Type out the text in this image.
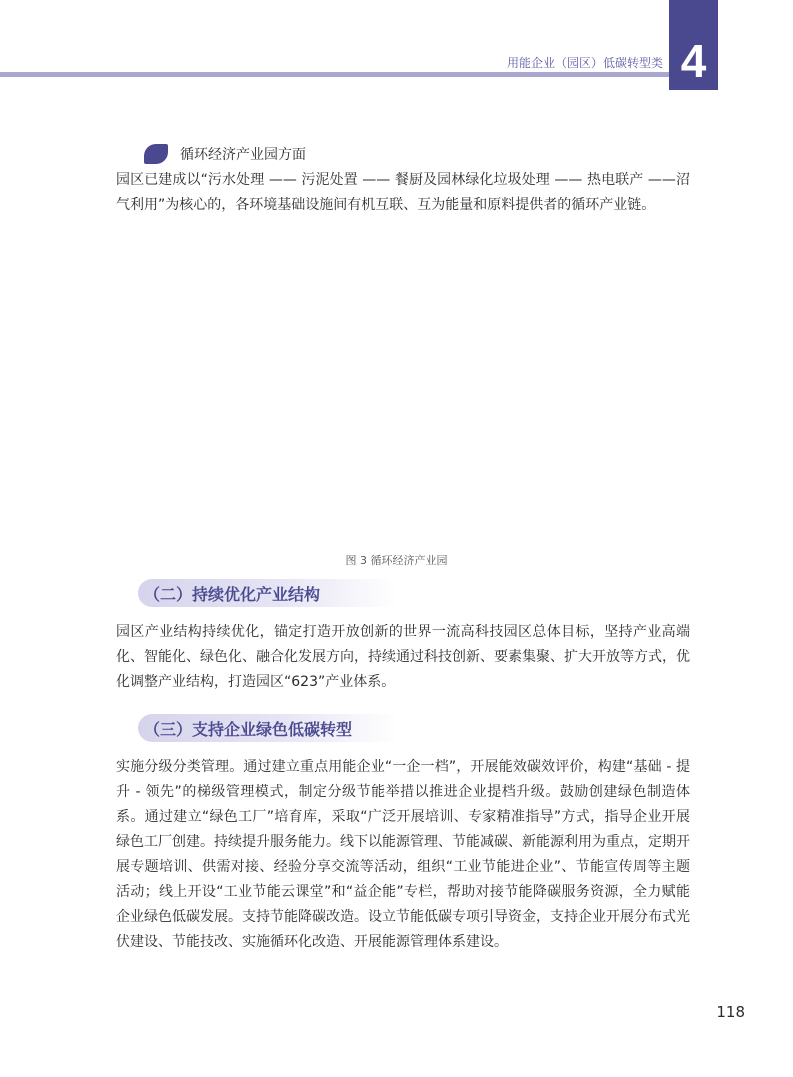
用能企业（园区）低碳转型类 4
循环经济产业园方面

园区已建成以“污水处理 —— 污泥处置 —— 餐厨及园林绿化垃圾处理 —— 热电联产 ——沼气利用”为核心的，各环境基础设施间有机互联、互为能量和原料提供者的循环产业链。

图 3 循环经济产业园
（二）持续优化产业结构

园区产业结构持续优化，锚定打造开放创新的世界一流高科技园区总体目标，坚持产业高端化、智能化、绿色化、融合化发展方向，持续通过科技创新、要素集聚、扩大开放等方式，优化调整产业结构，打造园区“623”产业体系。

（三）支持企业绿色低碳转型

实施分级分类管理。通过建立重点用能企业“一企一档”，开展能效碳效评价，构建“基础 - 提升 - 领先”的梯级管理模式，制定分级节能举措以推进企业提档升级。鼓励创建绿色制造体系。通过建立“绿色工厂”培育库，采取“广泛开展培训、专家精准指导”方式，指导企业开展绿色工厂创建。持续提升服务能力。线下以能源管理、节能减碳、新能源利用为重点，定期开展专题培训、供需对接、经验分享交流等活动，组织“工业节能进企业”、节能宣传周等主题活动；线上开设“工业节能云课堂”和“益企能”专栏，帮助对接节能降碳服务资源，全力赋能企业绿色低碳发展。支持节能降碳改造。设立节能低碳专项引导资金，支持企业开展分布式光伏建设、节能技改、实施循环化改造、开展能源管理体系建设。

118
